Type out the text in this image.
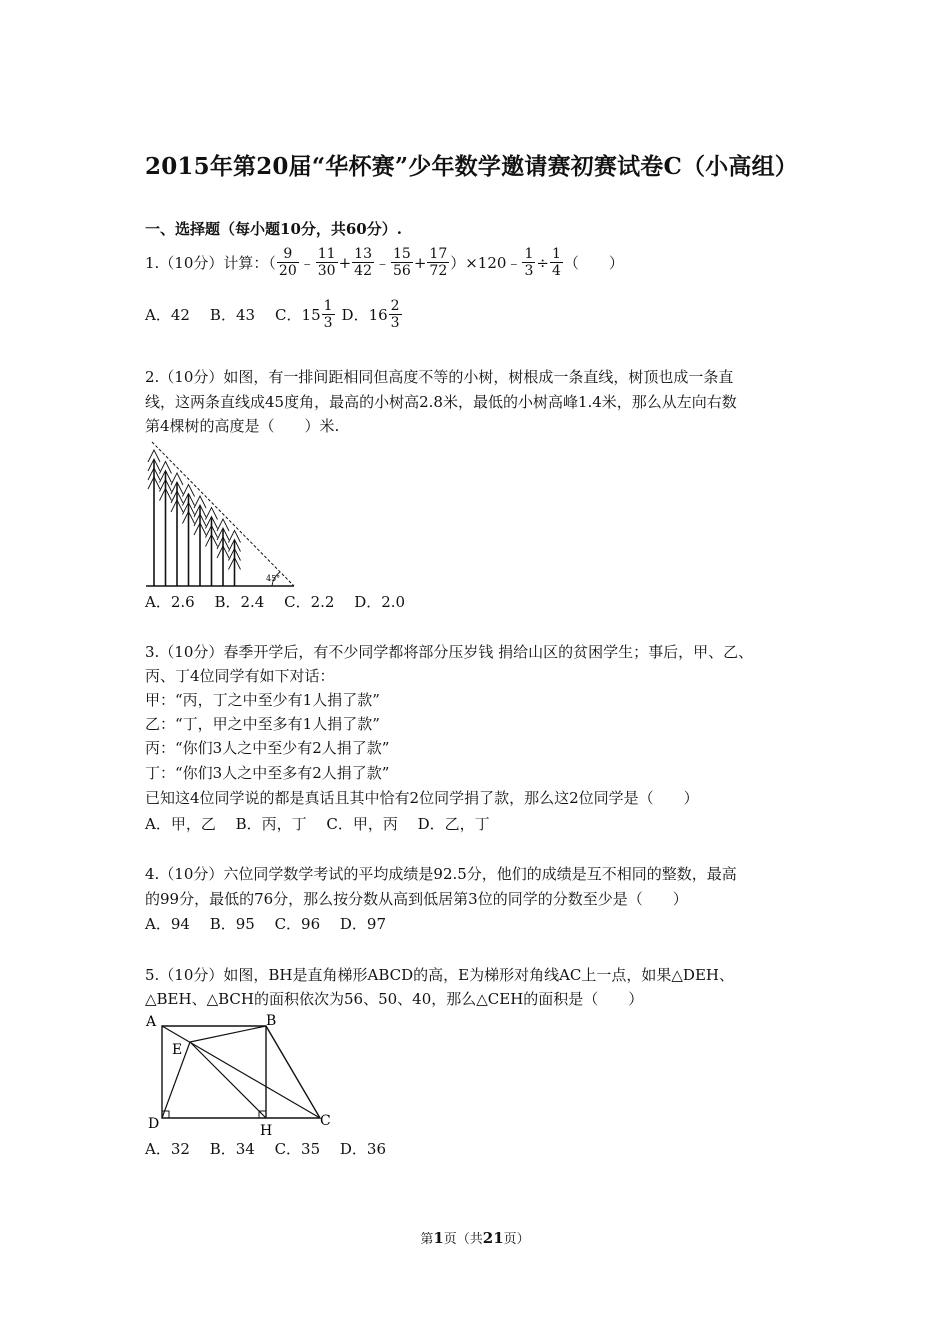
2015年第20届“华杯赛”少年数学邀请赛初赛试卷C（小高组）
一、选择题（每小题10分，共60分）.
1.（10分）计算：（ $\frac{9}{20}$ ﹣ $\frac{11}{30} + \frac{13}{42}$ ﹣ $\frac{15}{56} + \frac{17}{72}$ ）×120﹣ $\frac{1}{3} \div \frac{1}{4}$ （　　）
A．42 B．43 C．$15 \frac{1}{3}$ D．$16 \frac{2}{3}$
2.（10分）如图，有一排间距相同但高度不等的小树，树根成一条直线，树顶也成一条直
线，这两条直线成45度角，最高的小树高2.8米，最低的小树高峰1.4米，那么从左向右数
第4棵树的高度是（　　）米.
45°
A．2.6　 B．2.4　 C．2.2　 D．2.0
3.（10分）春季开学后，有不少同学都将部分压岁钱 捐给山区的贫困学生；事后，甲、乙、
丙、丁4位同学有如下对话：
甲：“丙，丁之中至少有1人捐了款”
乙：“丁，甲之中至多有1人捐了款”
丙：“你们3人之中至少有2人捐了款”
丁：“你们3人之中至多有2人捐了款”
已知这4位同学说的都是真话且其中恰有2位同学捐了款，那么这2位同学是（　　）
A．甲，乙　 B．丙，丁　 C．甲，丙　 D．乙，丁
4.（10分）六位同学数学考试的平均成绩是92.5分，他们的成绩是互不相同的整数，最高
的99分，最低的76分，那么按分数从高到低居第3位的同学的分数至少是（　　）
A．94　 B．95　 C．96　 D．97
5.（10分）如图，BH是直角梯形ABCD的高，E为梯形对角线AC上一点，如果△DEH、
△BEH、△BCH的面积依次为56、50、40，那么△CEH的面积是（　　）
A	B
C
D
E
H
A．32　 B．34　 C．35　 D．36
第1页（共21页）
